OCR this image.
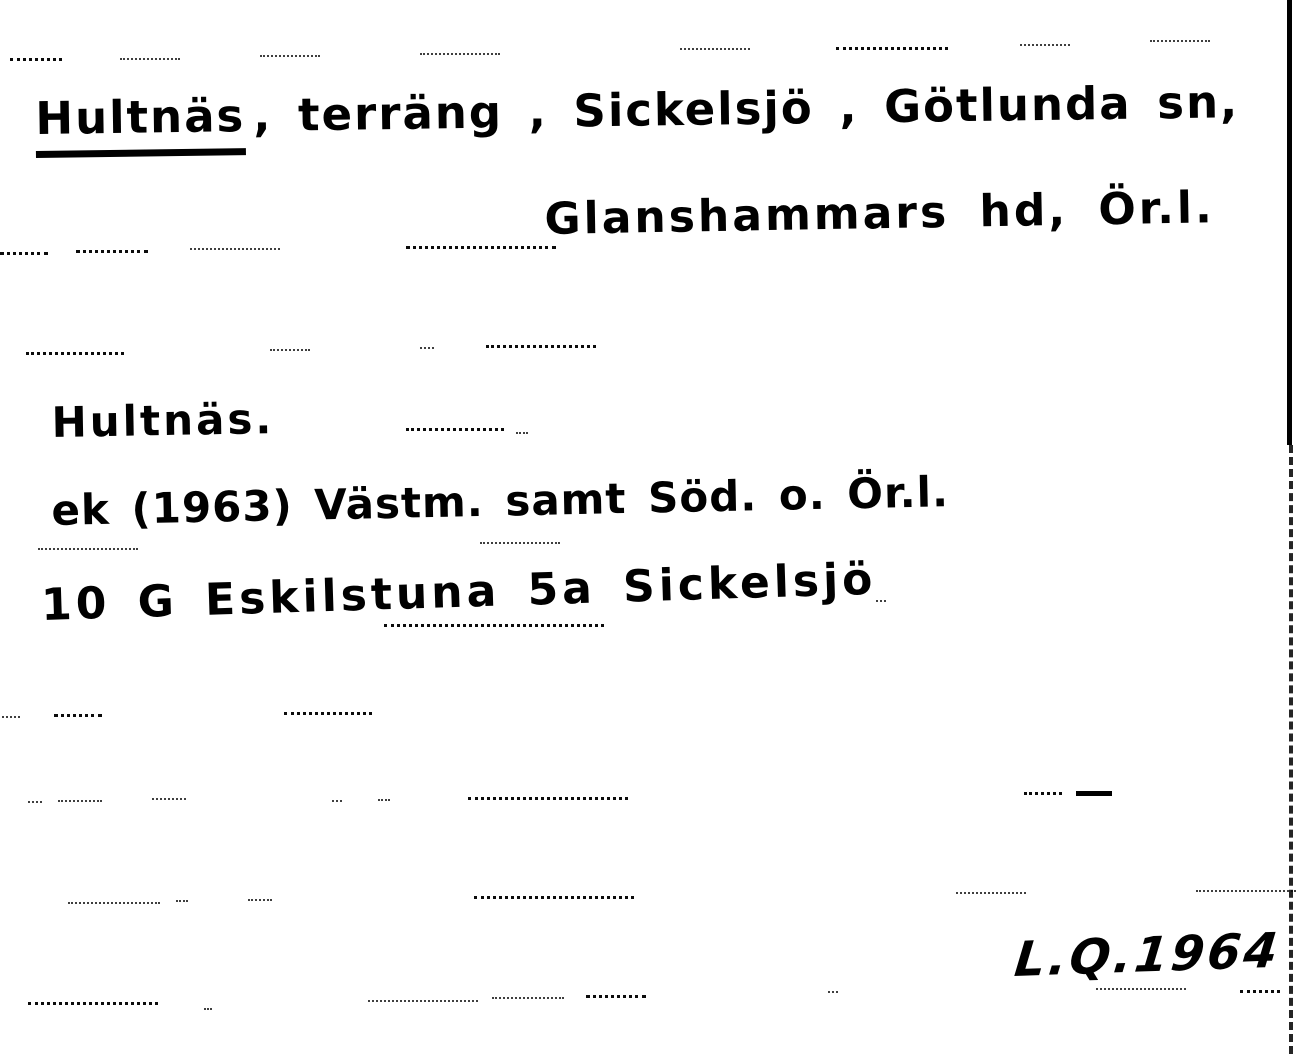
Hultnäs , terräng , Sickelsjö , Götlunda sn,
Glanshammars hd, Ör.l.
Hultnäs.
ek (1963) Västm. samt Söd. o. Ör.l.
10 G Eskilstuna 5a Sickelsjö
L.Q.1964
